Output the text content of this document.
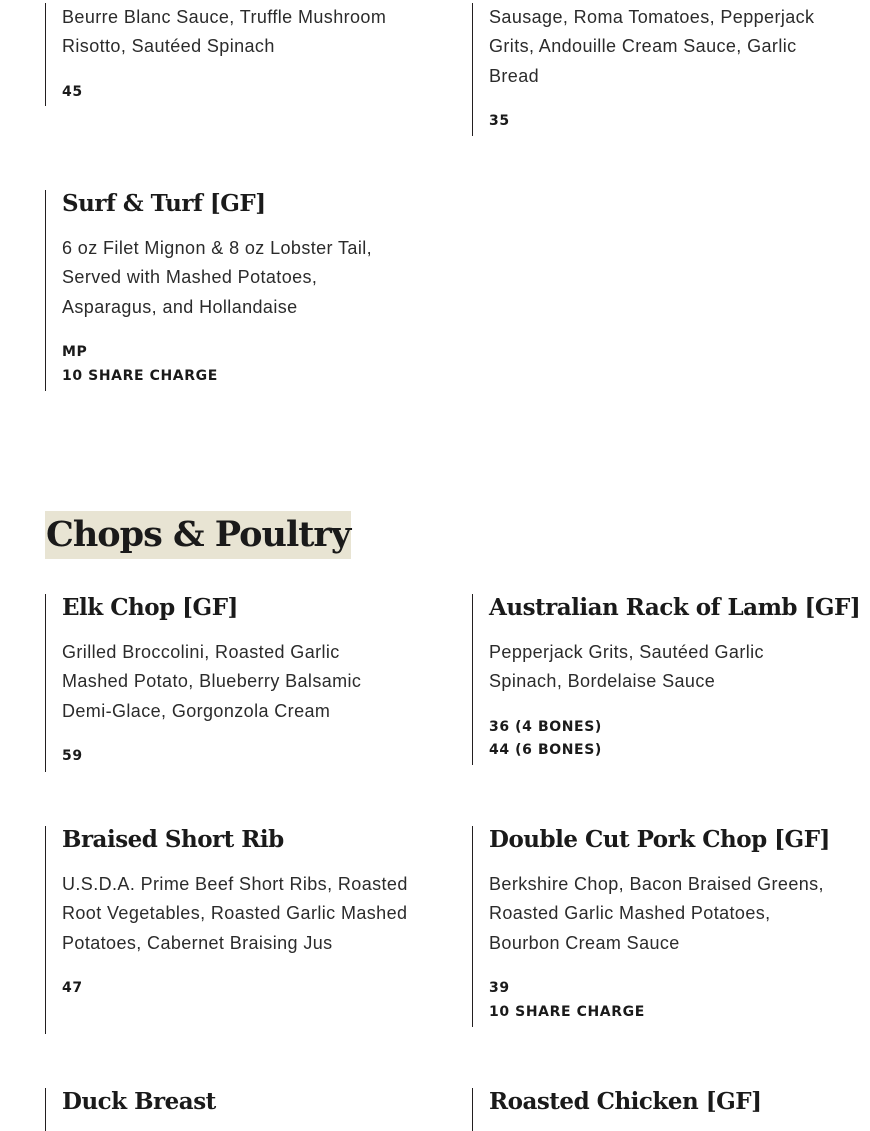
Beurre Blanc Sauce, Truffle Mushroom Risotto, Sautéed Spinach
45
Sausage, Roma Tomatoes, Pepperjack Grits, Andouille Cream Sauce, Garlic Bread
35
Surf & Turf [GF]
6 oz Filet Mignon & 8 oz Lobster Tail, Served with Mashed Potatoes, Asparagus, and Hollandaise
MP
10 SHARE CHARGE
Chops & Poultry
Elk Chop [GF]
Grilled Broccolini, Roasted Garlic Mashed Potato, Blueberry Balsamic Demi-Glace, Gorgonzola Cream
59
Australian Rack of Lamb [GF]
Pepperjack Grits, Sautéed Garlic Spinach, Bordelaise Sauce
36 (4 BONES)
44 (6 BONES)
Braised Short Rib
U.S.D.A. Prime Beef Short Ribs, Roasted Root Vegetables, Roasted Garlic Mashed Potatoes, Cabernet Braising Jus
47
Double Cut Pork Chop [GF]
Berkshire Chop, Bacon Braised Greens, Roasted Garlic Mashed Potatoes, Bourbon Cream Sauce
39
10 SHARE CHARGE
Duck Breast	Roasted Chicken [GF]
